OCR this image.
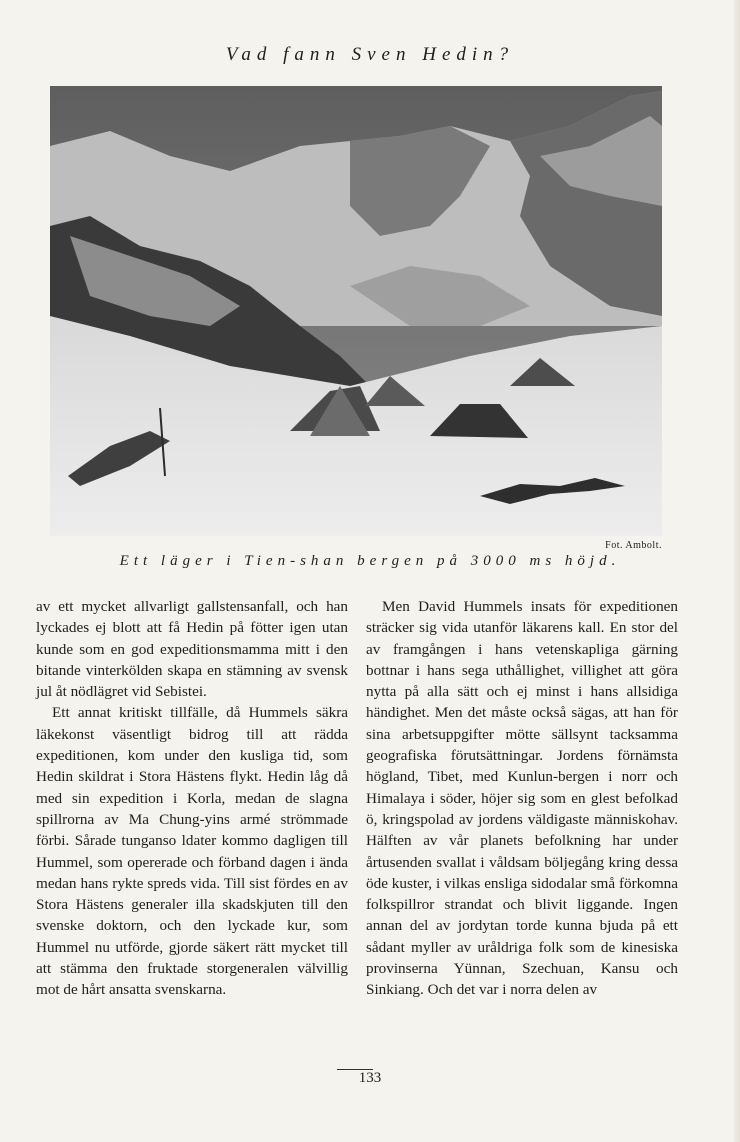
Vad fann Sven Hedin?
Fot. Ambolt.
Ett läger i Tien-shan bergen på 3000 ms höjd.

av ett mycket allvarligt gallstensanfall, och han lyckades ej blott att få Hedin på fötter igen utan kunde som en god expeditionsmamma mitt i den bitande vinterkölden skapa en stämning av svensk jul åt nödlägret vid Sebistei.

Ett annat kritiskt tillfälle, då Hummels säkra läkekonst väsentligt bidrog till att rädda expeditionen, kom under den kusliga tid, som Hedin skildrat i Stora Hästens flykt. Hedin låg då med sin expedition i Korla, medan de slagna spillrorna av Ma Chung-yins armé strömmade förbi. Sårade tunganso ldater kommo dagligen till Hummel, som opererade och förband dagen i ända medan hans rykte spreds vida. Till sist fördes en av Stora Hästens generaler illa skadskjuten till den svenske doktorn, och den lyckade kur, som Hummel nu utförde, gjorde säkert rätt mycket till att stämma den fruktade storgeneralen välvillig mot de hårt ansatta svenskarna.

Men David Hummels insats för expeditionen sträcker sig vida utanför läkarens kall. En stor del av framgången i hans vetenskapliga gärning bottnar i hans sega uthållighet, villighet att göra nytta på alla sätt och ej minst i hans allsidiga händighet. Men det måste också sägas, att han för sina arbetsuppgifter mötte sällsynt tacksamma geografiska förutsättningar. Jordens förnämsta högland, Tibet, med Kunlun-bergen i norr och Himalaya i söder, höjer sig som en glest befolkad ö, kringspolad av jordens väldigaste människohav. Hälften av vår planets befolkning har under årtusenden svallat i våldsam böljegång kring dessa öde kuster, i vilkas ensliga sidodalar små förkomna folkspillror strandat och blivit liggande. Ingen annan del av jordytan torde kunna bjuda på ett sådant myller av uråldriga folk som de kinesiska provinserna Yünnan, Szechuan, Kansu och Sinkiang. Och det var i norra delen av

133
